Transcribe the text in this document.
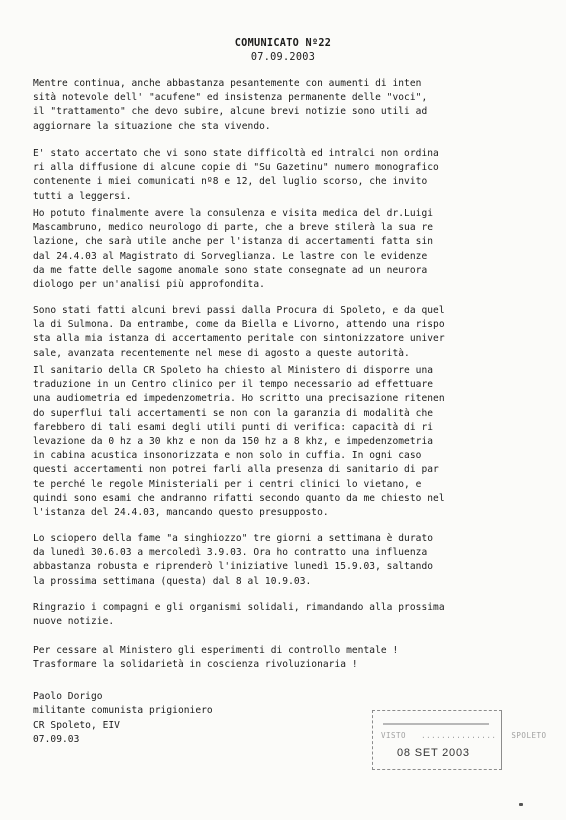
COMUNICATO Nº22
07.09.2003
Mentre continua, anche abbastanza pesantemente con aumenti di inten
sità notevole dell' "acufene" ed insistenza permanente delle "voci",
il "trattamento" che devo subire, alcune brevi notizie sono utili ad
aggiornare la situazione che sta vivendo.
E' stato accertato che vi sono state difficoltà ed intralci non ordina
ri alla diffusione di alcune copie di "Su Gazetinu" numero monografico
contenente i miei comunicati nº8 e 12, del luglio scorso, che invito
tutti a leggersi.
Ho potuto finalmente avere la consulenza e visita medica del dr.Luigi
Mascambruno, medico neurologo di parte, che a breve stilerà la sua re
lazione, che sarà utile anche per l'istanza di accertamenti fatta sin
dal 24.4.03 al Magistrato di Sorveglianza. Le lastre con le evidenze
da me fatte delle sagome anomale sono state consegnate ad un neurora
diologo per un'analisi più approfondita.
Sono stati fatti alcuni brevi passi dalla Procura di Spoleto, e da quel
la di Sulmona. Da entrambe, come da Biella e Livorno, attendo una rispo
sta alla mia istanza di accertamento peritale con sintonizzatore univer
sale, avanzata recentemente nel mese di agosto a queste autorità.
Il sanitario della CR Spoleto ha chiesto al Ministero di disporre una
traduzione in un Centro clinico per il tempo necessario ad effettuare
una audiometria ed impedenzometria. Ho scritto una precisazione ritenen
do superflui tali accertamenti se non con la garanzia di modalità che
farebbero di tali esami degli utili punti di verifica: capacità di ri
levazione da 0 hz a 30 khz e non da 150 hz a 8 khz, e impedenzometria
in cabina acustica insonorizzata e non solo in cuffia. In ogni caso
questi accertamenti non potrei farli alla presenza di sanitario di par
te perché le regole Ministeriali per i centri clinici lo vietano, e
quindi sono esami che andranno rifatti secondo quanto da me chiesto nel
l'istanza del 24.4.03, mancando questo presupposto.
Lo sciopero della fame "a singhiozzo" tre giorni a settimana è durato
da lunedì 30.6.03 a mercoledì 3.9.03. Ora ho contratto una influenza
abbastanza robusta e riprenderò l'iniziative lunedì 15.9.03, saltando
la prossima settimana (questa) dal 8 al 10.9.03.
Ringrazio i compagni e gli organismi solidali, rimandando alla prossima
nuove notizie.
Per cessare al Ministero gli esperimenti di controllo mentale !
Trasformare la solidarietà in coscienza rivoluzionaria !
Paolo Dorigo
militante comunista prigioniero
CR Spoleto, EIV
07.09.03	VISTO   ...............   SPOLETO
08 SET 2003
